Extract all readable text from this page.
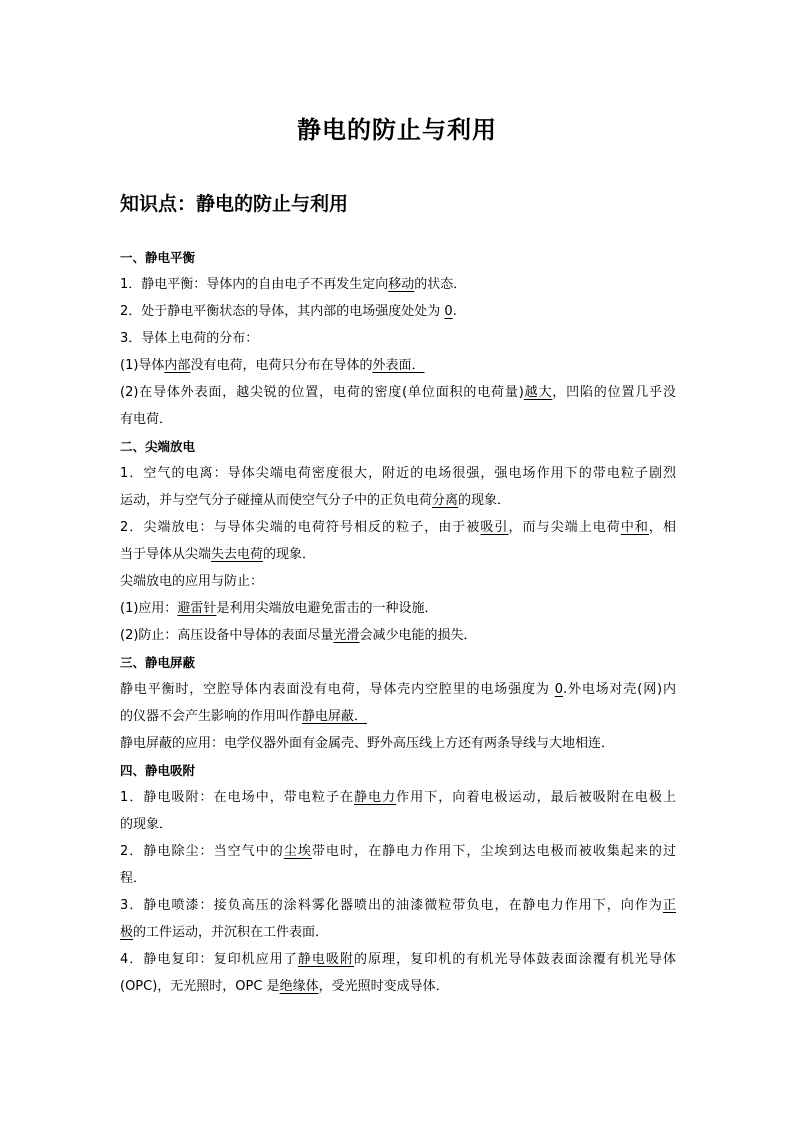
静电的防止与利用
知识点：静电的防止与利用
一、静电平衡
1．静电平衡：导体内的自由电子不再发生定向移动的状态．
2．处于静电平衡状态的导体，其内部的电场强度处处为 0.
3．导体上电荷的分布：
(1)导体内部没有电荷，电荷只分布在导体的外表面．
(2)在导体外表面，越尖锐的位置，电荷的密度(单位面积的电荷量)越大，凹陷的位置几乎没
有电荷．
二、尖端放电
1．空气的电离：导体尖端电荷密度很大，附近的电场很强，强电场作用下的带电粒子剧烈
运动，并与空气分子碰撞从而使空气分子中的正负电荷分离的现象．
2．尖端放电：与导体尖端的电荷符号相反的粒子，由于被吸引，而与尖端上电荷中和，相
当于导体从尖端失去电荷的现象．
尖端放电的应用与防止：
(1)应用：避雷针是利用尖端放电避免雷击的一种设施．
(2)防止：高压设备中导体的表面尽量光滑会减少电能的损失．
三、静电屏蔽
静电平衡时，空腔导体内表面没有电荷，导体壳内空腔里的电场强度为 0.外电场对壳(网)内
的仪器不会产生影响的作用叫作静电屏蔽．
静电屏蔽的应用：电学仪器外面有金属壳、野外高压线上方还有两条导线与大地相连．
四、静电吸附
1．静电吸附：在电场中，带电粒子在静电力作用下，向着电极运动，最后被吸附在电极上
的现象．
2．静电除尘：当空气中的尘埃带电时，在静电力作用下，尘埃到达电极而被收集起来的过
程．
3．静电喷漆：接负高压的涂料雾化器喷出的油漆微粒带负电，在静电力作用下，向作为正
极的工件运动，并沉积在工件表面．
4．静电复印：复印机应用了静电吸附的原理，复印机的有机光导体鼓表面涂覆有机光导体
(OPC)，无光照时，OPC 是绝缘体，受光照时变成导体．
